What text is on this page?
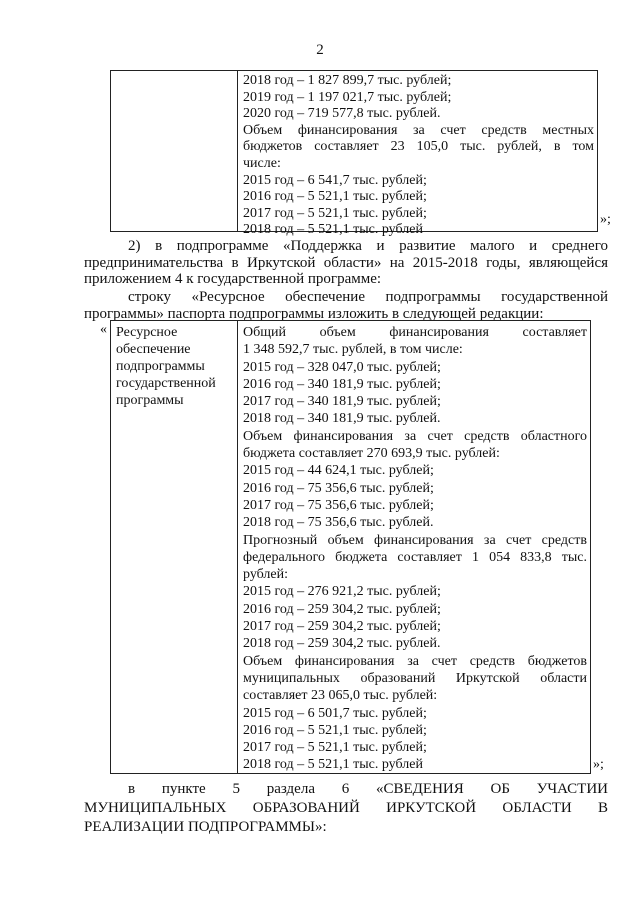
2
2018 год – 1 827 899,7 тыс. рублей;
2019 год – 1 197 021,7 тыс. рублей;
2020 год – 719 577,8 тыс. рублей.
Объем финансирования за счет средств местных
бюджетов составляет 23 105,0 тыс. рублей, в том
числе:
2015 год – 6 541,7 тыс. рублей;
2016 год – 5 521,1 тыс. рублей;
2017 год – 5 521,1 тыс. рублей;
2018 год – 5 521,1 тыс. рублей
»;
2) в подпрограмме «Поддержка и развитие малого и среднего
предпринимательства в Иркутской области» на 2015-2018 годы, являющейся
приложением 4 к государственной программе:
строку «Ресурсное обеспечение подпрограммы государственной
программы» паспорта подпрограммы изложить в следующей редакции:
« Ресурсное
обеспечение
подпрограммы
государственной
программы
Общий объем финансирования составляет
1 348 592,7 тыс. рублей, в том числе:
2015 год – 328 047,0 тыс. рублей;
2016 год – 340 181,9 тыс. рублей;
2017 год – 340 181,9 тыс. рублей;
2018 год – 340 181,9 тыс. рублей.
Объем финансирования за счет средств областного
бюджета составляет 270 693,9 тыс. рублей:
2015 год – 44 624,1 тыс. рублей;
2016 год – 75 356,6 тыс. рублей;
2017 год – 75 356,6 тыс. рублей;
2018 год – 75 356,6 тыс. рублей.
Прогнозный объем финансирования за счет средств
федерального бюджета составляет 1 054 833,8 тыс.
рублей:
2015 год – 276 921,2 тыс. рублей;
2016 год – 259 304,2 тыс. рублей;
2017 год – 259 304,2 тыс. рублей;
2018 год – 259 304,2 тыс. рублей.
Объем финансирования за счет средств бюджетов
муниципальных образований Иркутской области
составляет 23 065,0 тыс. рублей:
2015 год – 6 501,7 тыс. рублей;
2016 год – 5 521,1 тыс. рублей;
2017 год – 5 521,1 тыс. рублей;
2018 год – 5 521,1 тыс. рублей	»;
в пункте 5 раздела 6 «СВЕДЕНИЯ ОБ УЧАСТИИ
МУНИЦИПАЛЬНЫХ ОБРАЗОВАНИЙ ИРКУТСКОЙ ОБЛАСТИ В
РЕАЛИЗАЦИИ ПОДПРОГРАММЫ»:
